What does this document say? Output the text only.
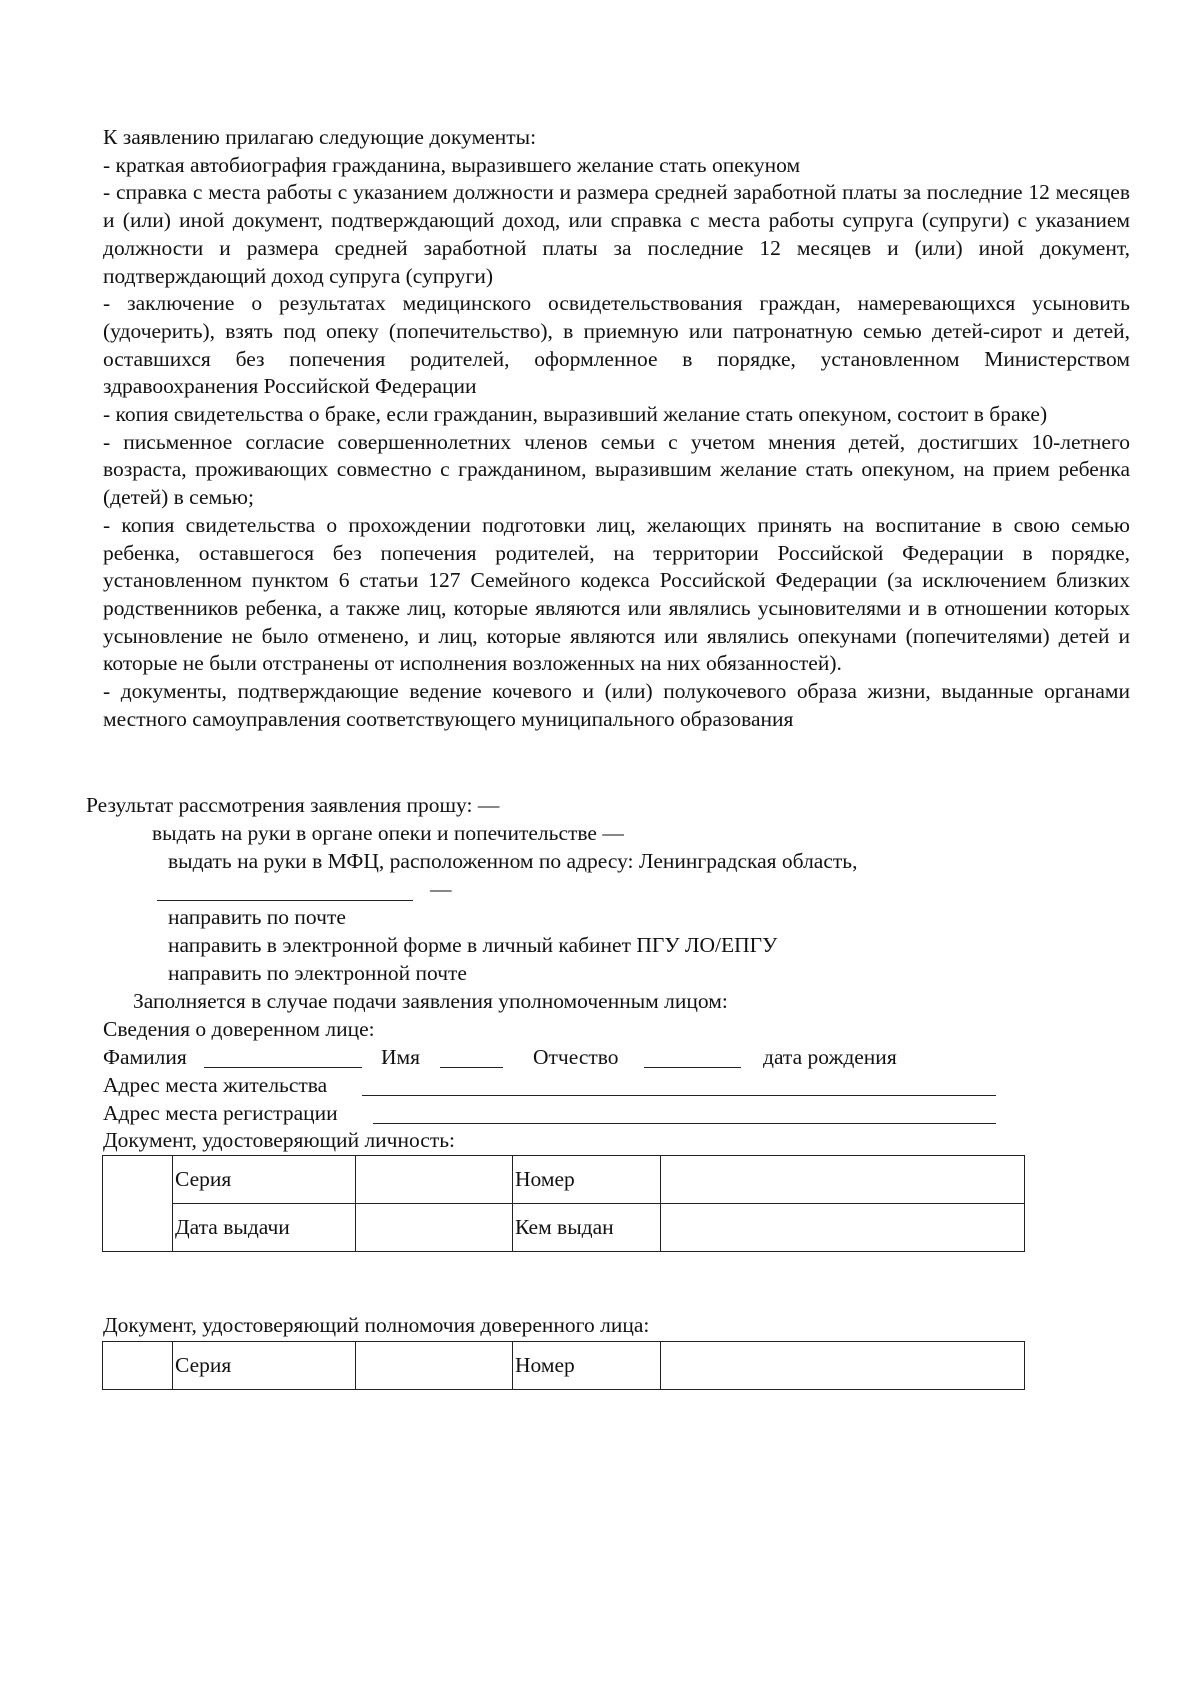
К заявлению прилагаю следующие документы:

- краткая автобиография гражданина, выразившего желание стать опекуном

- справка с места работы с указанием должности и размера средней заработной платы за последние 12 месяцев и (или) иной документ, подтверждающий доход, или справка с места работы супруга (супруги) с указанием должности и размера средней заработной платы за последние 12 месяцев и (или) иной документ, подтверждающий доход супруга (супруги)

- заключение о результатах медицинского освидетельствования граждан, намеревающихся усыновить (удочерить), взять под опеку (попечительство), в приемную или патронатную семью детей-сирот и детей, оставшихся без попечения родителей, оформленное в порядке, установленном Министерством здравоохранения Российской Федерации

- копия свидетельства о браке, если гражданин, выразивший желание стать опекуном, состоит в браке)

- письменное согласие совершеннолетних членов семьи с учетом мнения детей, достигших 10-летнего возраста, проживающих совместно с гражданином, выразившим желание стать опекуном, на прием ребенка (детей) в семью;

- копия свидетельства о прохождении подготовки лиц, желающих принять на воспитание в свою семью ребенка, оставшегося без попечения родителей, на территории Российской Федерации в порядке, установленном пунктом 6 статьи 127 Семейного кодекса Российской Федерации (за исключением близких родственников ребенка, а также лиц, которые являются или являлись усыновителями и в отношении которых усыновление не было отменено, и лиц, которые являются или являлись опекунами (попечителями) детей и которые не были отстранены от исполнения возложенных на них обязанностей).

- документы, подтверждающие ведение кочевого и (или) полукочевого образа жизни, выданные органами местного самоуправления соответствующего муниципального образования

Результат рассмотрения заявления прошу: —

выдать на руки в органе опеки и попечительстве —

выдать на руки в МФЦ, расположенном по адресу: Ленинградская область,

—

направить по почте

направить в электронной форме в личный кабинет ПГУ ЛО/ЕПГУ

направить по электронной почте

Заполняется в случае подачи заявления уполномоченным лицом:

Сведения о доверенном лице:

Фамилия	Имя	Отчество	дата рождения
Адрес места жительства
Адрес места регистрации

Документ, удостоверяющий личность:

	Серия		Номер	
	Дата выдачи		Кем выдан	

Документ, удостоверяющий полномочия доверенного лица:

	Серия		Номер	
